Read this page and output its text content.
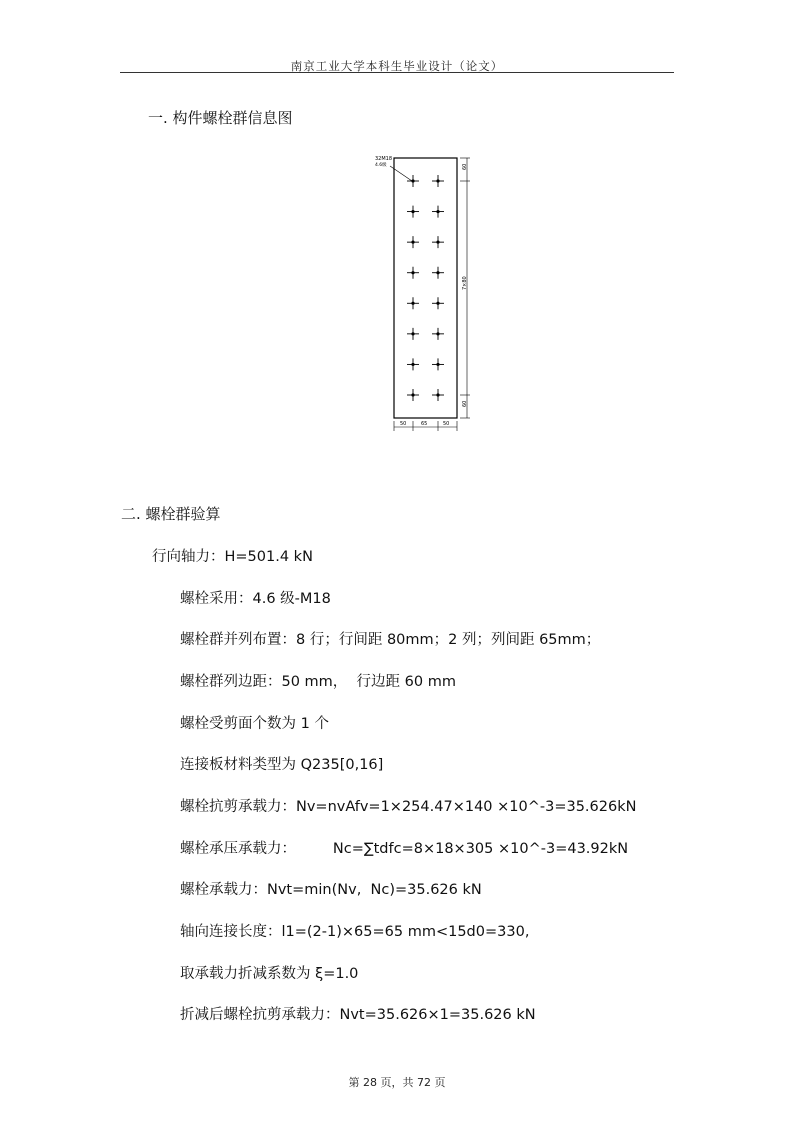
南京工业大学本科生毕业设计（论文）
一. 构件螺栓群信息图
32M18
4.6级	60
7×80
60
50	65	50
二. 螺栓群验算
行向轴力：H=501.4 kN
螺栓采用：4.6 级-M18
螺栓群并列布置：8 行；行间距 80mm；2 列；列间距 65mm；
螺栓群列边距：50 mm，  行边距 60 mm
螺栓受剪面个数为 1 个
连接板材料类型为 Q235[0,16]
螺栓抗剪承载力：Nv=nvAfv=1×254.47×140 ×10^-3=35.626kN
螺栓承压承载力：        Nc=∑tdfc=8×18×305 ×10^-3=43.92kN
螺栓承载力：Nvt=min(Nv,  Nc)=35.626 kN
轴向连接长度：l1=(2-1)×65=65 mm<15d0=330,
取承载力折减系数为 ξ=1.0
折减后螺栓抗剪承载力：Nvt=35.626×1=35.626 kN
第 28 页，共 72 页
